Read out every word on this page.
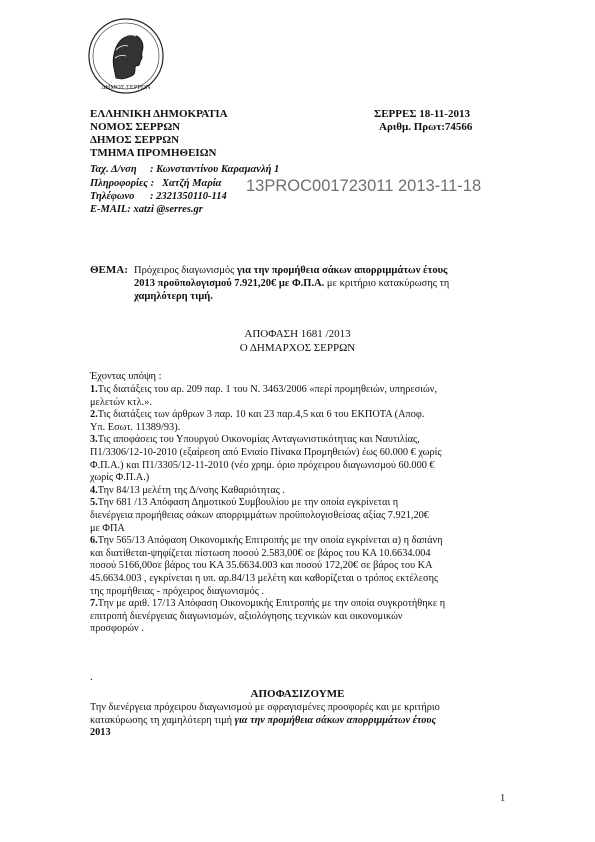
ΔΗΜΟΣ ΣΕΡΡΩΝ
ΕΛΛΗΝΙΚΗ ΔΗΜΟΚΡΑΤΙΑ
ΝΟΜΟΣ ΣΕΡΡΩΝ
ΔΗΜΟΣ ΣΕΡΡΩΝ
ΤΜΗΜΑ ΠΡΟΜΗΘΕΙΩΝ
ΣΕΡΡΕΣ 18-11-2013
Αριθμ. Πρωτ:74566
Ταχ. Δ/νση : Κωνσταντίνου Καραμανλή 1
Πληροφορίες : Χατζή Μαρία
Τηλέφωνο : 2321350110-114
E-MAIL: xatzi @serres.gr
13PROC001723011 2013-11-18
ΘΕΜΑ: Πρόχειρος διαγωνισμός για την προμήθεια σάκων απορριμμάτων έτους

2013 προϋπολογισμού 7.921,20€ με Φ.Π.Α. με κριτήριο κατακύρωσης τη

χαμηλότερη τιμή.

ΑΠΟΦΑΣΗ 1681 /2013
Ο ΔΗΜΑΡΧΟΣ ΣΕΡΡΩΝ
Έχοντας υπόψη :
1.Τις διατάξεις του αρ. 209 παρ. 1 του Ν. 3463/2006 «περί προμηθειών, υπηρεσιών,
μελετών κτλ.».
2.Τις διατάξεις των άρθρων 3 παρ. 10 και 23 παρ.4,5 και 6 του ΕΚΠΟΤΑ (Αποφ.
Υπ. Εσωτ. 11389/93).
3.Τις αποφάσεις του Υπουργού Οικονομίας Ανταγωνιστικότητας και Ναυτιλίας,
Π1/3306/12-10-2010 (εξαίρεση από Ενιαίο Πίνακα Προμηθειών) έως 60.000 € χωρίς
Φ.Π.Α.) και Π1/3305/12-11-2010 (νέο χρημ. όριο πρόχειρου διαγωνισμού 60.000 €
χωρίς Φ.Π.Α.)
4.Την 84/13 μελέτη της Δ/νσης Καθαριότητας .
5.Την 681 /13 Απόφαση Δημοτικού Συμβουλίου με την οποία εγκρίνεται η
διενέργεια προμήθειας σάκων απορριμμάτων προϋπολογισθείσας αξίας 7.921,20€
με ΦΠΑ
6.Την 565/13 Απόφαση Οικονομικής Επιτροπής με την οποία εγκρίνεται α) η δαπάνη
και διατίθεται-ψηφίζεται πίστωση ποσού 2.583,00€ σε βάρος του ΚΑ 10.6634.004
ποσού 5166,00σε βάρος του ΚΑ 35.6634.003 και ποσού 172,20€ σε βάρος του ΚΑ
45.6634.003 , εγκρίνεται η υπ. αρ.84/13 μελέτη και καθορίζεται ο τρόπος εκτέλεσης
της προμήθειας - πρόχειρος διαγωνισμός .
7.Την με αριθ. 17/13 Απόφαση Οικονομικής Επιτροπής με την οποία συγκροτήθηκε η
επιτροπή διενέργειας διαγωνισμών, αξιολόγησης τεχνικών και οικονομικών
προσφορών .
.
ΑΠΟΦΑΣΙΖΟΥΜΕ
Την διενέργεια πρόχειρου διαγωνισμού με σφραγισμένες προσφορές και με κριτήριο
κατακύρωσης τη χαμηλότερη τιμή για την προμήθεια σάκων απορριμμάτων έτους
2013
1
